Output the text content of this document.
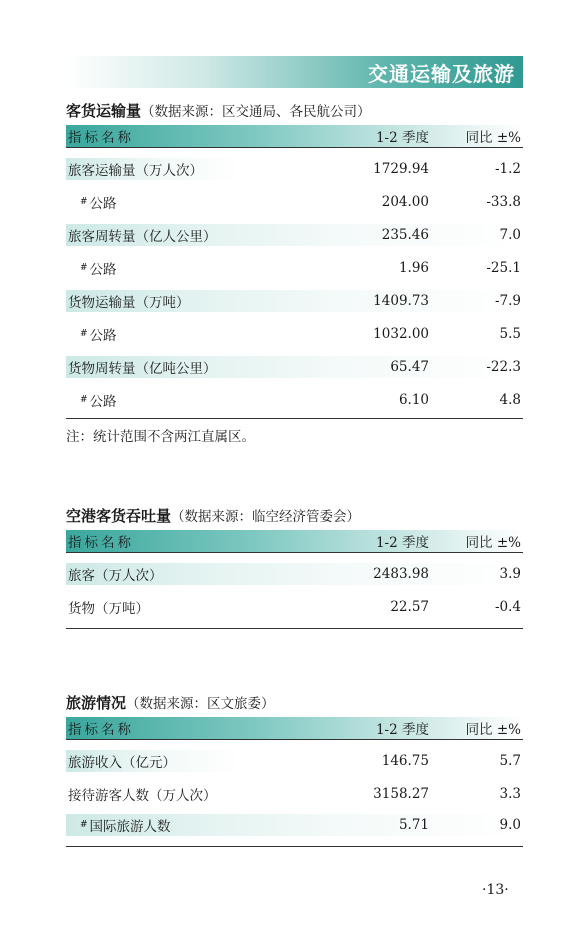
交通运输及旅游
客货运输量（数据来源：区交通局、各民航公司）
指标名称	1-2 季度	同比 ±%
旅客运输量（万人次）	1729.94	-1.2
# 公路	204.00	-33.8
旅客周转量（亿人公里）	235.46	7.0
# 公路	1.96	-25.1
货物运输量（万吨）	1409.73	-7.9
# 公路	1032.00	5.5
货物周转量（亿吨公里）	65.47	-22.3
# 公路	6.10	4.8
注：统计范围不含两江直属区。
空港客货吞吐量（数据来源：临空经济管委会）
指标名称	1-2 季度	同比 ±%
旅客（万人次）	2483.98	3.9
货物（万吨）	22.57	-0.4
旅游情况（数据来源：区文旅委）
指标名称	1-2 季度	同比 ±%
旅游收入（亿元）	146.75	5.7
接待游客人数（万人次）	3158.27	3.3
# 国际旅游人数	5.71	9.0
·13·
